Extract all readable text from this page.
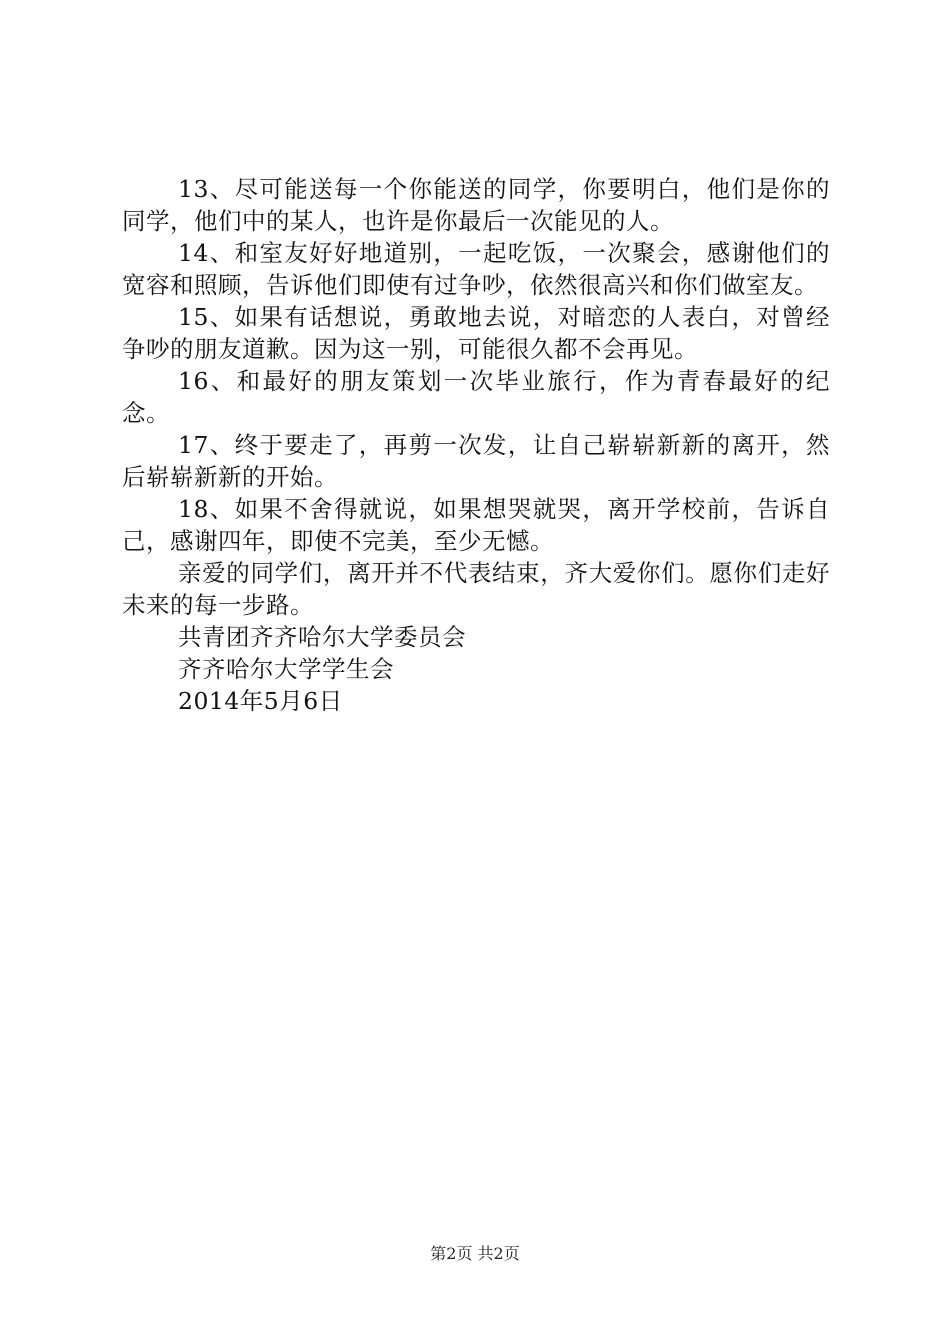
13、尽可能送每一个你能送的同学，你要明白，他们是你的同学，他们中的某人，也许是你最后一次能见的人。

14、和室友好好地道别，一起吃饭，一次聚会，感谢他们的宽容和照顾，告诉他们即使有过争吵，依然很高兴和你们做室友。

15、如果有话想说，勇敢地去说，对暗恋的人表白，对曾经争吵的朋友道歉。因为这一别，可能很久都不会再见。

16、和最好的朋友策划一次毕业旅行，作为青春最好的纪念。

17、终于要走了，再剪一次发，让自己崭崭新新的离开，然后崭崭新新的开始。

18、如果不舍得就说，如果想哭就哭，离开学校前，告诉自己，感谢四年，即使不完美，至少无憾。

亲爱的同学们，离开并不代表结束，齐大爱你们。愿你们走好未来的每一步路。

共青团齐齐哈尔大学委员会

齐齐哈尔大学学生会

2014年5月6日

第2页 共2页
